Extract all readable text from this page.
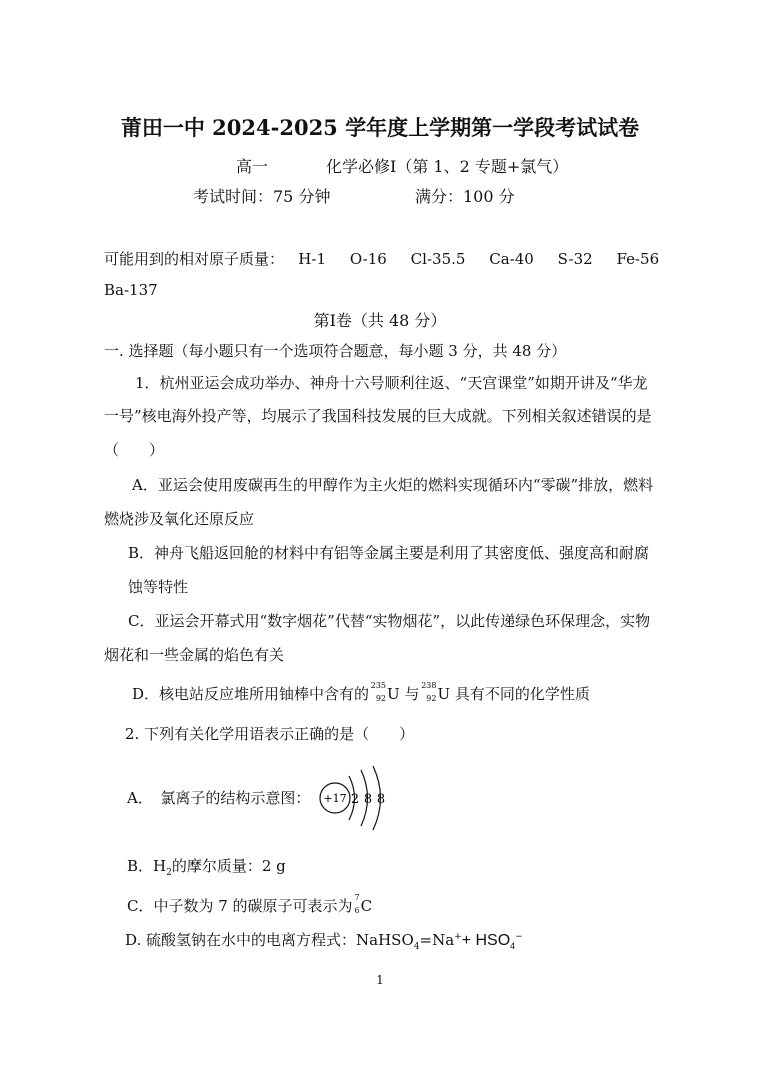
莆田一中 2024-2025 学年度上学期第一学段考试试卷
高一	化学必修I（第 1、2 专题+氯气）
考试时间：75 分钟	满分：100 分
可能用到的相对原子质量：   H-1     O-16     Cl-35.5     Ca-40     S-32     Fe-56
Ba-137
第Ⅰ卷（共 48 分）
一. 选择题（每小题只有一个选项符合题意，每小题 3 分，共 48 分）
1．杭州亚运会成功举办、神舟十六号顺利往返、“天宫课堂”如期开讲及“华龙
一号”核电海外投产等，均展示了我国科技发展的巨大成就。下列相关叙述错误的是
（　　）
A．亚运会使用废碳再生的甲醇作为主火炬的燃料实现循环内“零碳”排放，燃料
燃烧涉及氧化还原反应
B．神舟飞船返回舱的材料中有铝等金属主要是利用了其密度低、强度高和耐腐
蚀等特性
C．亚运会开幕式用“数字烟花”代替“实物烟花”，以此传递绿色环保理念，实物
烟花和一些金属的焰色有关
D．核电站反应堆所用铀棒中含有的 235
92 U 与 238
92 U 具有不同的化学性质
2. 下列有关化学用语表示正确的是（　　）
A．　氯离子的结构示意图： +17 2 8 8
B．$H_2$的摩尔质量：2 g
C．中子数为 7 的碳原子可表示为 7
6 C
D. 硫酸氢钠在水中的电离方程式：NaHSO$_4$=Na++ $HSO_4^-$
1
